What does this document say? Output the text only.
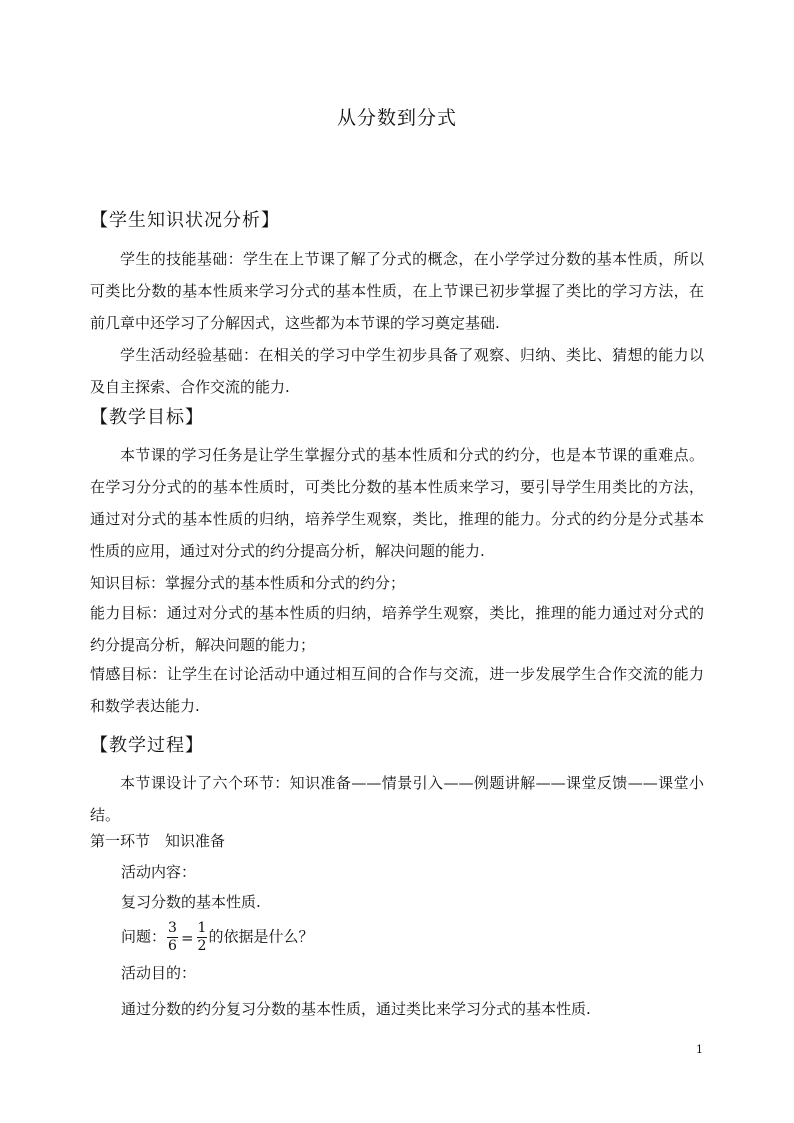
从分数到分式
【学生知识状况分析】
学生的技能基础：学生在上节课了解了分式的概念，在小学学过分数的基本性质，所以可类比分数的基本性质来学习分式的基本性质，在上节课已初步掌握了类比的学习方法，在前几章中还学习了分解因式，这些都为本节课的学习奠定基础.
学生活动经验基础：在相关的学习中学生初步具备了观察、归纳、类比、猜想的能力以及自主探索、合作交流的能力.
【教学目标】
本节课的学习任务是让学生掌握分式的基本性质和分式的约分，也是本节课的重难点。在学习分分式的的基本性质时，可类比分数的基本性质来学习，要引导学生用类比的方法，通过对分式的基本性质的归纳，培养学生观察，类比，推理的能力。分式的约分是分式基本性质的应用，通过对分式的约分提高分析，解决问题的能力.
知识目标：掌握分式的基本性质和分式的约分；
能力目标：通过对分式的基本性质的归纳，培养学生观察，类比，推理的能力通过对分式的约分提高分析，解决问题的能力；
情感目标：让学生在讨论活动中通过相互间的合作与交流，进一步发展学生合作交流的能力和数学表达能力.
【教学过程】
本节课设计了六个环节：知识准备——情景引入——例题讲解——课堂反馈——课堂小结。
第一环节　知识准备
活动内容：
复习分数的基本性质.
问题： $\frac{3}{6} = \frac{1}{2}$ 的依据是什么？
活动目的：
通过分数的约分复习分数的基本性质，通过类比来学习分式的基本性质.
1
